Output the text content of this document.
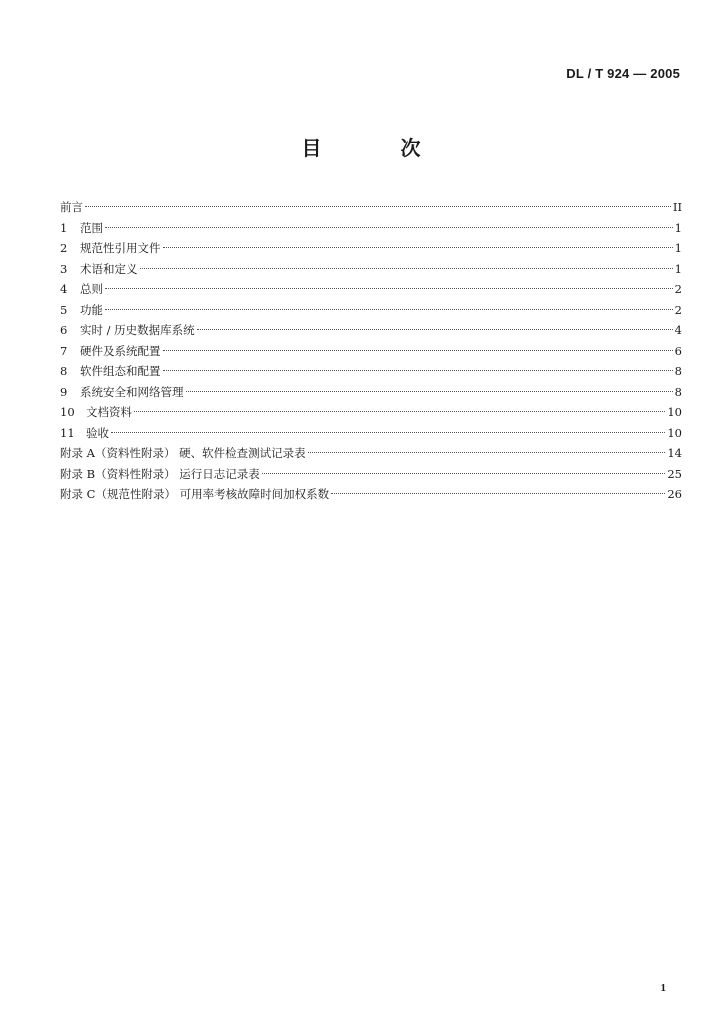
DL / T 924 — 2005
目 次
前言	II
1	范围	1
2	规范性引用文件	1
3	术语和定义	1
4	总则	2
5	功能	2
6	实时 / 历史数据库系统	4
7	硬件及系统配置	6
8	软件组态和配置	8
9	系统安全和网络管理	8
10 文档资料	10
11 验收	10
附录 A（资料性附录） 硬、软件检查测试记录表	14
附录 B（资料性附录） 运行日志记录表	25
附录 C（规范性附录） 可用率考核故障时间加权系数	26
1
